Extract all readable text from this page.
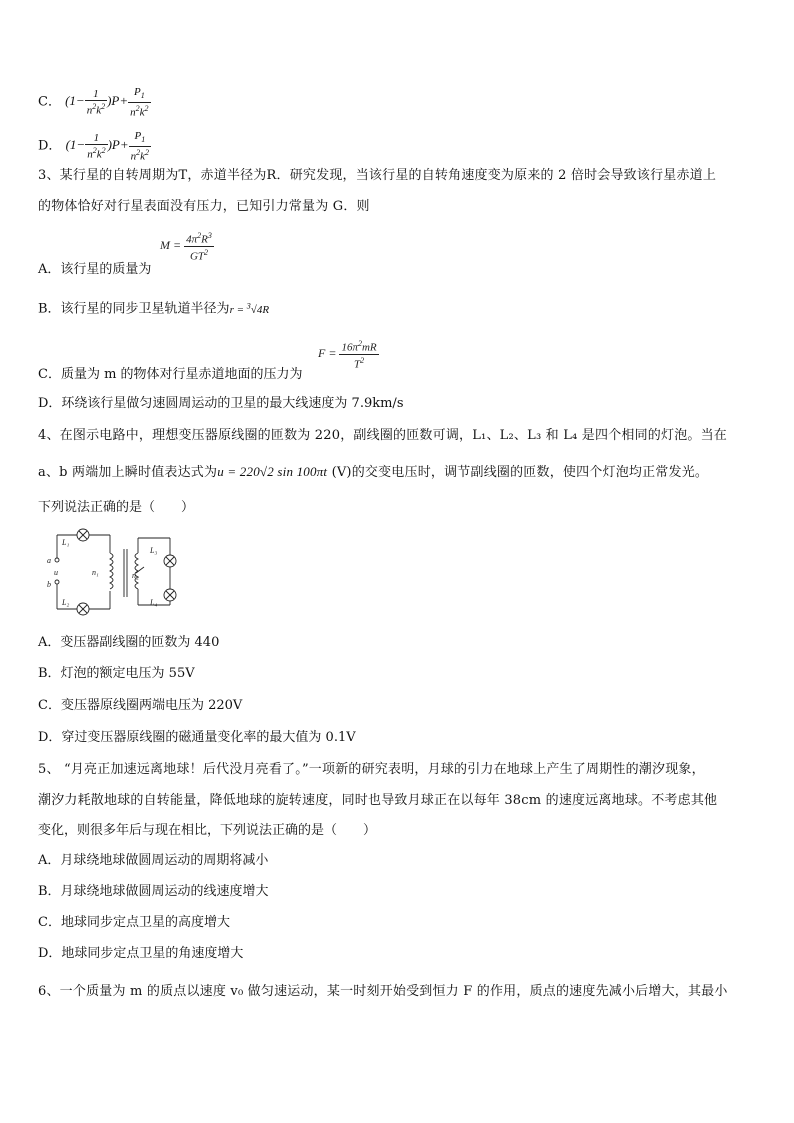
C． $(1- \frac{1}{n^2k^2} )P+ \frac{P_1}{n^2k^2}$
D． $(1- \frac{1}{n^2k^2} )P+ \frac{P_1}{n^2k^2}$
3、某行星的自转周期为T，赤道半径为R．研究发现，当该行星的自转角速度变为原来的 2 倍时会导致该行星赤道上
的物体恰好对行星表面没有压力，已知引力常量为 G．则
$M = \frac{4\pi^2R^3}{GT^2}$
A．该行星的质量为
B．该行星的同步卫星轨道半径为r = $^3$√4R
$F = \frac{16\pi^2mR}{T^2}$
C．质量为 m 的物体对行星赤道地面的压力为
D．环绕该行星做匀速圆周运动的卫星的最大线速度为 7.9km/s
4、在图示电路中，理想变压器原线圈的匝数为 220，副线圈的匝数可调，L₁、L₂、L₃ 和 L₄ 是四个相同的灯泡。当在
a、b 两端加上瞬时值表达式为u = 220√2 sin 100πt (V)的交变电压时，调节副线圈的匝数，使四个灯泡均正常发光。
下列说法正确的是（　　）
L₁
L₂
L₃
L₄
a
b
u	n₁	n₂
A．变压器副线圈的匝数为 440
B．灯泡的额定电压为 55V
C．变压器原线圈两端电压为 220V
D．穿过变压器原线圈的磁通量变化率的最大值为 0.1V
5、 “月亮正加速远离地球！后代没月亮看了。”一项新的研究表明，月球的引力在地球上产生了周期性的潮汐现象，
潮汐力耗散地球的自转能量，降低地球的旋转速度，同时也导致月球正在以每年 38cm 的速度远离地球。不考虑其他
变化，则很多年后与现在相比，下列说法正确的是（　　）
A．月球绕地球做圆周运动的周期将减小
B．月球绕地球做圆周运动的线速度增大
C．地球同步定点卫星的高度增大
D．地球同步定点卫星的角速度增大
6、一个质量为 m 的质点以速度 v₀ 做匀速运动，某一时刻开始受到恒力 F 的作用，质点的速度先减小后增大，其最小
